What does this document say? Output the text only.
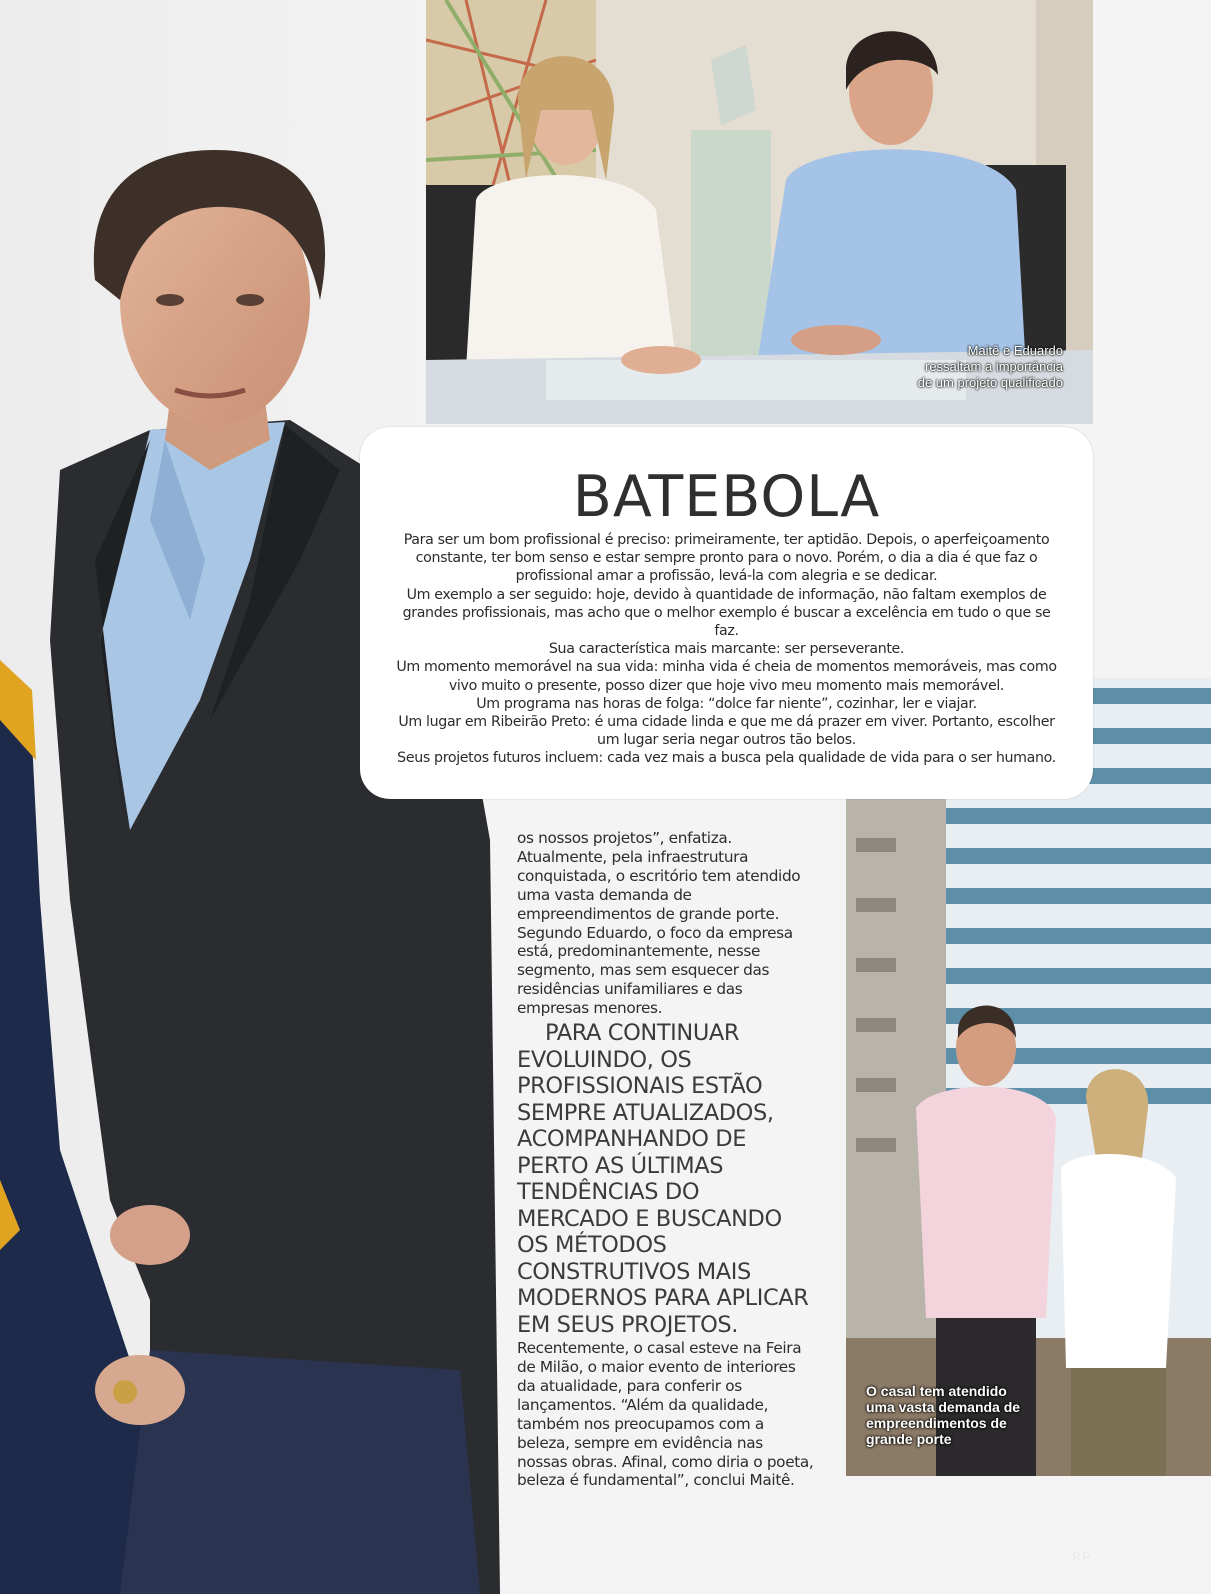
Maitê e Eduardo ressaltam a importância de um projeto qualificado
O casal tem atendido uma vasta demanda de empreendimentos de grande porte
BATEBOLA

Para ser um bom profissional é preciso: primeiramente, ter aptidão. Depois, o aperfeiçoamento constante, ter bom senso e estar sempre pronto para o novo. Porém, o dia a dia é que faz o profissional amar a profissão, levá-la com alegria e se dedicar.

Um exemplo a ser seguido: hoje, devido à quantidade de informação, não faltam exemplos de grandes profissionais, mas acho que o melhor exemplo é buscar a excelência em tudo o que se faz.

Sua característica mais marcante: ser perseverante.

Um momento memorável na sua vida: minha vida é cheia de momentos memoráveis, mas como vivo muito o presente, posso dizer que hoje vivo meu momento mais memorável.

Um programa nas horas de folga: “dolce far niente”, cozinhar, ler e viajar.

Um lugar em Ribeirão Preto: é uma cidade linda e que me dá prazer em viver. Portanto, escolher um lugar seria negar outros tão belos.

Seus projetos futuros incluem: cada vez mais a busca pela qualidade de vida para o ser humano.

os nossos projetos”, enfatiza. Atualmente, pela infraestrutura conquistada, o escritório tem atendido uma vasta demanda de empreendimentos de grande porte. Segundo Eduardo, o foco da empresa está, predominantemente, nesse segmento, mas sem esquecer das residências unifamiliares e das empresas menores.

PARA CONTINUAR EVOLUINDO, OS PROFISSIONAIS ESTÃO SEMPRE ATUALIZADOS, ACOMPANHANDO DE PERTO AS ÚLTIMAS TENDÊNCIAS DO MERCADO E BUSCANDO OS MÉTODOS CONSTRUTIVOS MAIS MODERNOS PARA APLICAR EM SEUS PROJETOS.

Recentemente, o casal esteve na Feira de Milão, o maior evento de interiores da atualidade, para conferir os lançamentos. “Além da qualidade, também nos preocupamos com a beleza, sempre em evidência nas nossas obras. Afinal, como diria o poeta, beleza é fundamental”, conclui Maitê.

RP
